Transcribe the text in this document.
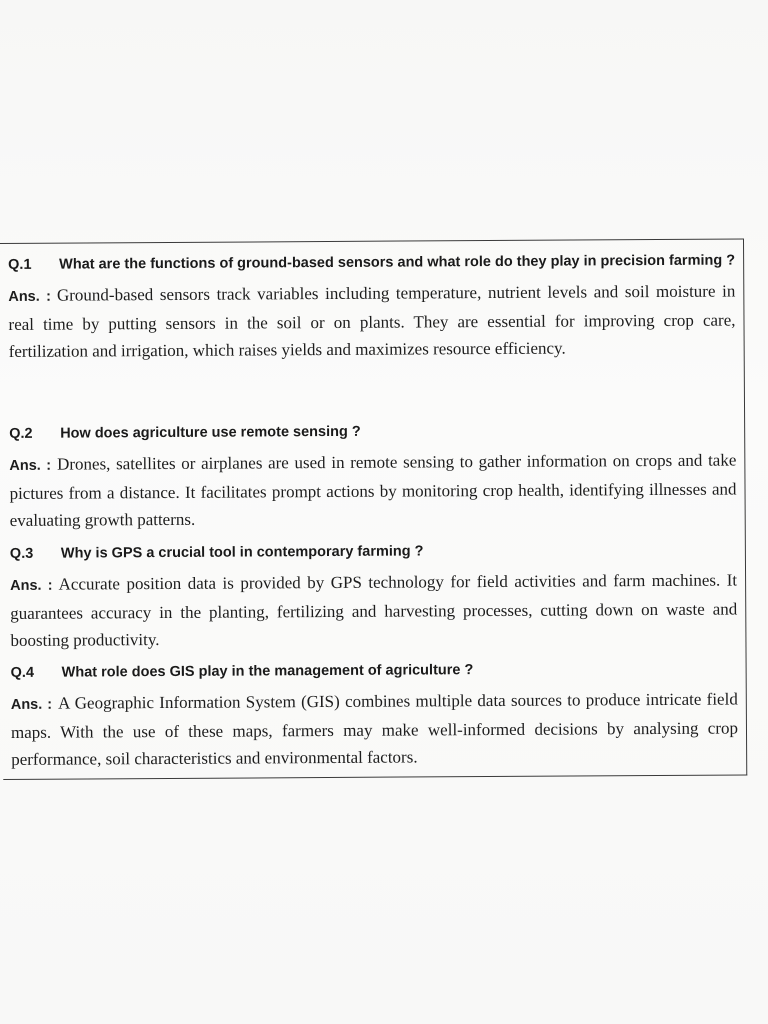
Q.1	What are the functions of ground-based sensors and what role do they play in precision farming ?
Ans. : Ground-based sensors track variables including temperature, nutrient levels and soil moisture in real time by putting sensors in the soil or on plants. They are essential for improving crop care, fertilization and irrigation, which raises yields and maximizes resource efficiency.
Q.2	How does agriculture use remote sensing ?
Ans. : Drones, satellites or airplanes are used in remote sensing to gather information on crops and take pictures from a distance. It facilitates prompt actions by monitoring crop health, identifying illnesses and evaluating growth patterns.
Q.3	Why is GPS a crucial tool in contemporary farming ?
Ans. : Accurate position data is provided by GPS technology for field activities and farm machines. It guarantees accuracy in the planting, fertilizing and harvesting processes, cutting down on waste and boosting productivity.
Q.4	What role does GIS play in the management of agriculture ?
Ans. : A Geographic Information System (GIS) combines multiple data sources to produce intricate field maps. With the use of these maps, farmers may make well-informed decisions by analysing crop performance, soil characteristics and environmental factors.
